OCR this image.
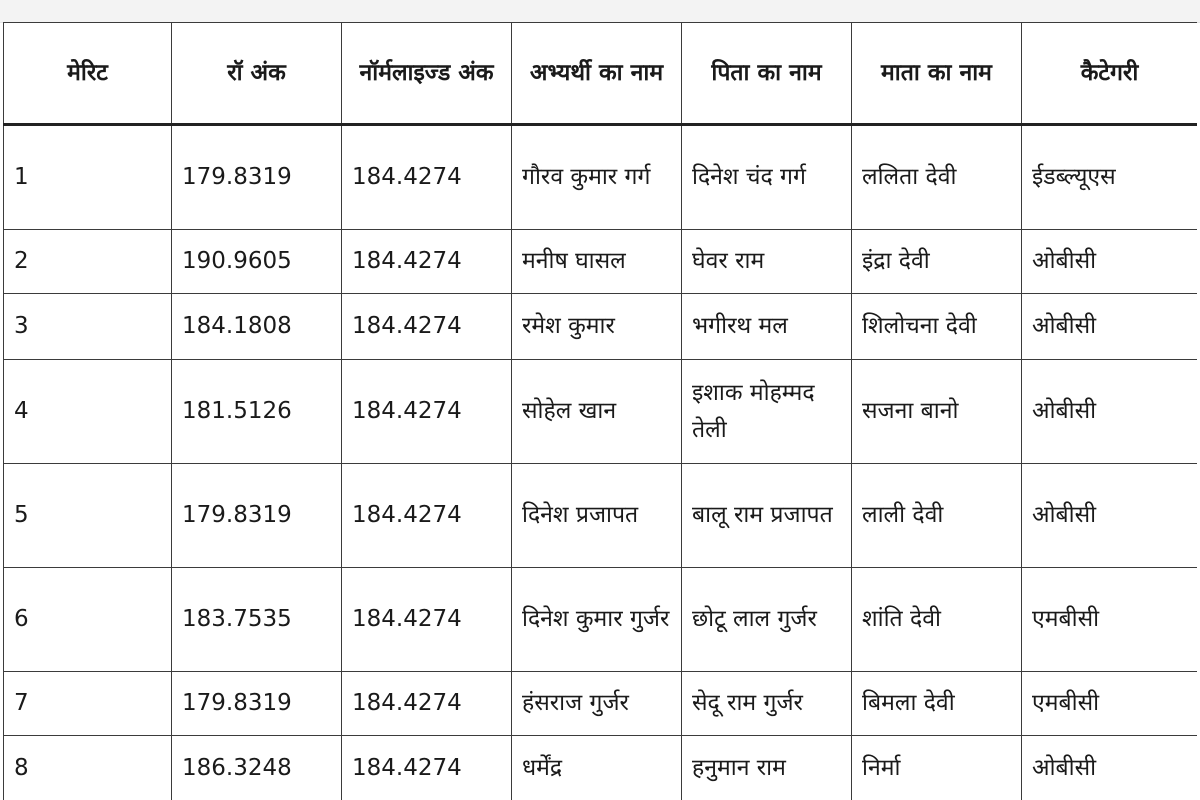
मेरिट	रॉ अंक	नॉर्मलाइज्ड अंक	अभ्यर्थी का नाम	पिता का नाम	माता का नाम	कैटेगरी
1	179.8319	184.4274	गौरव कुमार गर्ग	दिनेश चंद गर्ग	ललिता देवी	ईडब्ल्यूएस
2	190.9605	184.4274	मनीष घासल	घेवर राम	इंद्रा देवी	ओबीसी
3	184.1808	184.4274	रमेश कुमार	भगीरथ मल	शिलोचना देवी	ओबीसी
4	181.5126	184.4274	सोहेल खान	इशाक मोहम्मद तेली	सजना बानो	ओबीसी
5	179.8319	184.4274	दिनेश प्रजापत	बालू राम प्रजापत	लाली देवी	ओबीसी
6	183.7535	184.4274	दिनेश कुमार गुर्जर	छोटू लाल गुर्जर	शांति देवी	एमबीसी
7	179.8319	184.4274	हंसराज गुर्जर	सेदू राम गुर्जर	बिमला देवी	एमबीसी
8	186.3248	184.4274	धर्मेंद्र	हनुमान राम	निर्मा	ओबीसी
